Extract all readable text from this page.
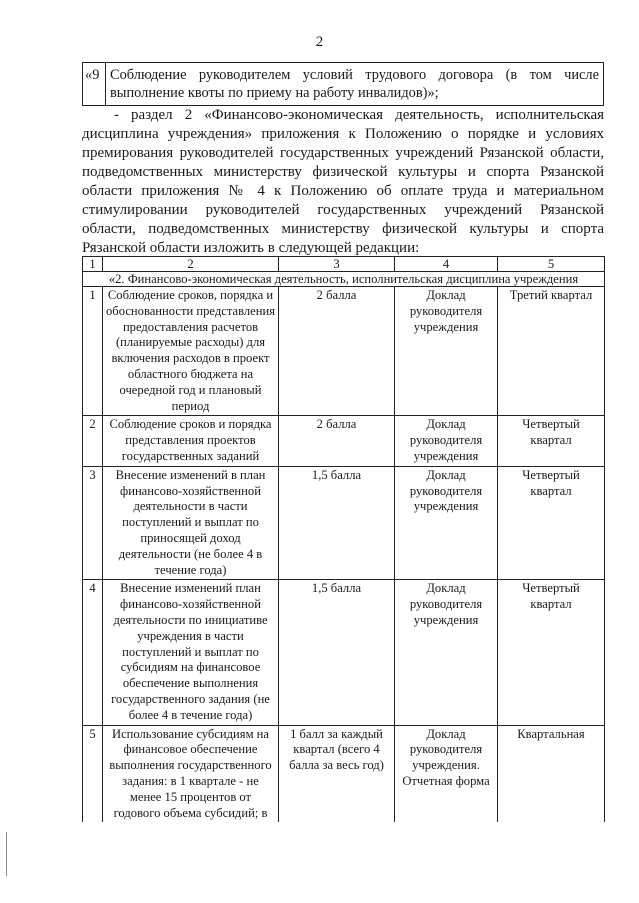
2
«9	Соблюдение руководителем условий трудового договора (в том числе выполнение квоты по приему на работу инвалидов)»;
- раздел 2 «Финансово-экономическая деятельность, исполнительская дисциплина учреждения» приложения к Положению о порядке и условиях премирования руководителей государственных учреждений Рязанской области, подведомственных министерству физической культуры и спорта Рязанской области приложения № 4 к Положению об оплате труда и материальном стимулировании руководителей государственных учреждений Рязанской области, подведомственных министерству физической культуры и спорта Рязанской области изложить в следующей редакции:
1	2	3	4	5
«2. Финансово-экономическая деятельность, исполнительская дисциплина учреждения				
1	Соблюдение сроков, порядка и обоснованности представления предоставления расчетов (планируемые расходы) для включения расходов в проект областного бюджета на очередной год и плановый период	2 балла	Доклад руководителя учреждения	Третий квартал
2	Соблюдение сроков и порядка представления проектов государственных заданий	2 балла	Доклад руководителя учреждения	Четвертый квартал
3	Внесение изменений в план финансово-хозяйственной деятельности в части поступлений и выплат по приносящей доход деятельности (не более 4 в течение года)	1,5 балла	Доклад руководителя учреждения	Четвертый квартал
4	Внесение изменений план финансово-хозяйственной деятельности по инициативе учреждения в части поступлений и выплат по субсидиям на финансовое обеспечение выполнения государственного задания (не более 4 в течение года)	1,5 балла	Доклад руководителя учреждения	Четвертый квартал
5	Использование субсидиям на финансовое обеспечение выполнения государственного задания: в 1 квартале - не менее 15 процентов от годового объема субсидий; в	1 балл за каждый квартал (всего 4 балла за весь год)	Доклад руководителя учреждения. Отчетная форма	Квартальная
